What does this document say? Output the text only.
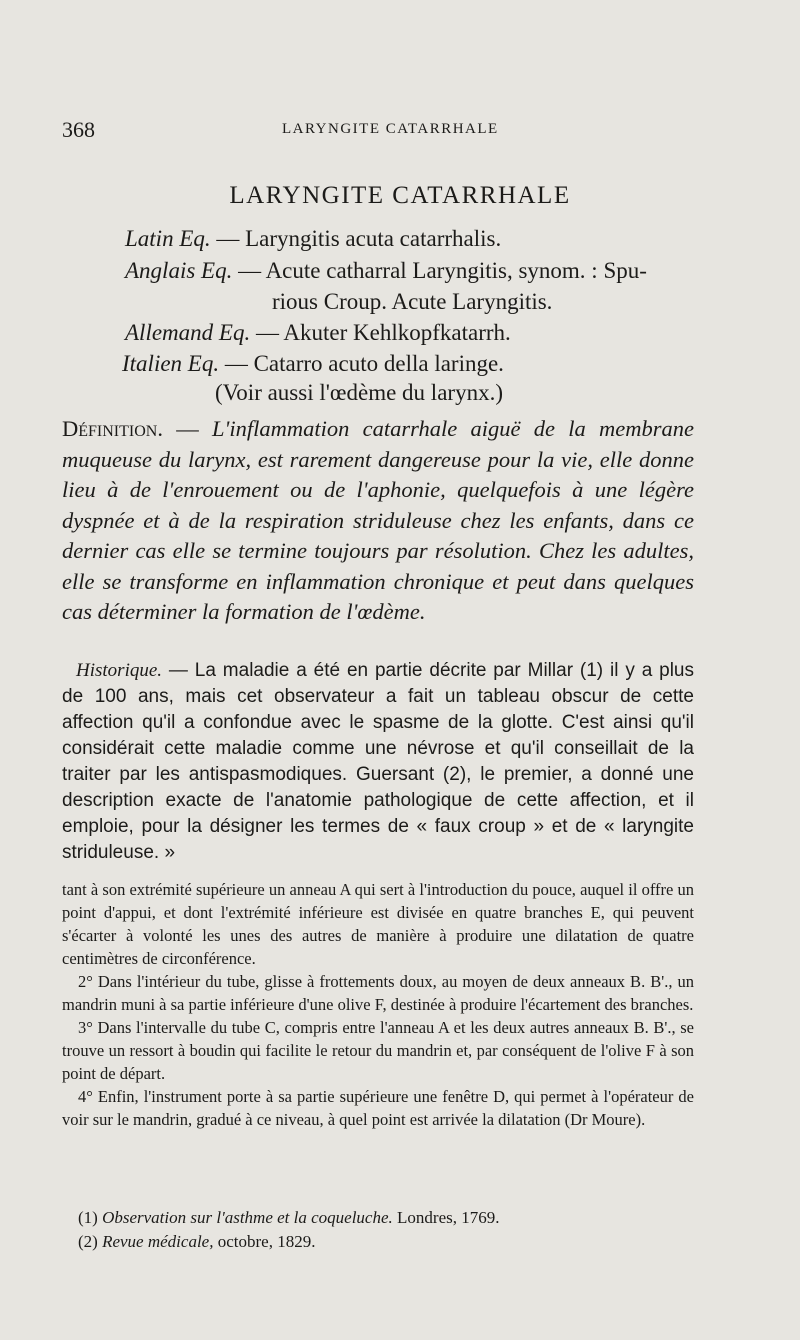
368	LARYNGITE CATARRHALE
LARYNGITE CATARRHALE
Latin Eq. — Laryngitis acuta catarrhalis.
Anglais Eq. — Acute catharral Laryngitis, synom. : Spu-
rious Croup. Acute Laryngitis.
Allemand Eq. — Akuter Kehlkopfkatarrh.
Italien Eq. — Catarro acuto della laringe.
(Voir aussi l'œdème du larynx.)
Définition. — L'inflammation catarrhale aiguë de la membrane muqueuse du larynx, est rarement dangereuse pour la vie, elle donne lieu à de l'enrouement ou de l'aphonie, quelquefois à une légère dyspnée et à de la respiration striduleuse chez les enfants, dans ce dernier cas elle se termine toujours par résolution. Chez les adultes, elle se transforme en inflammation chronique et peut dans quelques cas déterminer la formation de l'œdème.
Historique. — La maladie a été en partie décrite par Millar (1) il y a plus de 100 ans, mais cet observateur a fait un tableau obscur de cette affection qu'il a confondue avec le spasme de la glotte. C'est ainsi qu'il considérait cette maladie comme une névrose et qu'il conseillait de la traiter par les antispasmodiques. Guersant (2), le premier, a donné une description exacte de l'anatomie pathologique de cette affection, et il emploie, pour la désigner les termes de « faux croup » et de « laryngite striduleuse. »

tant à son extrémité supérieure un anneau A qui sert à l'introduction du pouce, auquel il offre un point d'appui, et dont l'extrémité inférieure est divisée en quatre branches E, qui peuvent s'écarter à volonté les unes des autres de manière à produire une dilatation de quatre centimètres de circonférence.

2° Dans l'intérieur du tube, glisse à frottements doux, au moyen de deux anneaux B. B'., un mandrin muni à sa partie inférieure d'une olive F, destinée à produire l'écartement des branches.

3° Dans l'intervalle du tube C, compris entre l'anneau A et les deux autres anneaux B. B'., se trouve un ressort à boudin qui facilite le retour du mandrin et, par conséquent de l'olive F à son point de départ.

4° Enfin, l'instrument porte à sa partie supérieure une fenêtre D, qui permet à l'opérateur de voir sur le mandrin, gradué à ce niveau, à quel point est arrivée la dilatation (Dr Moure).

(1) Observation sur l'asthme et la coqueluche. Londres, 1769.
(2) Revue médicale, octobre, 1829.
